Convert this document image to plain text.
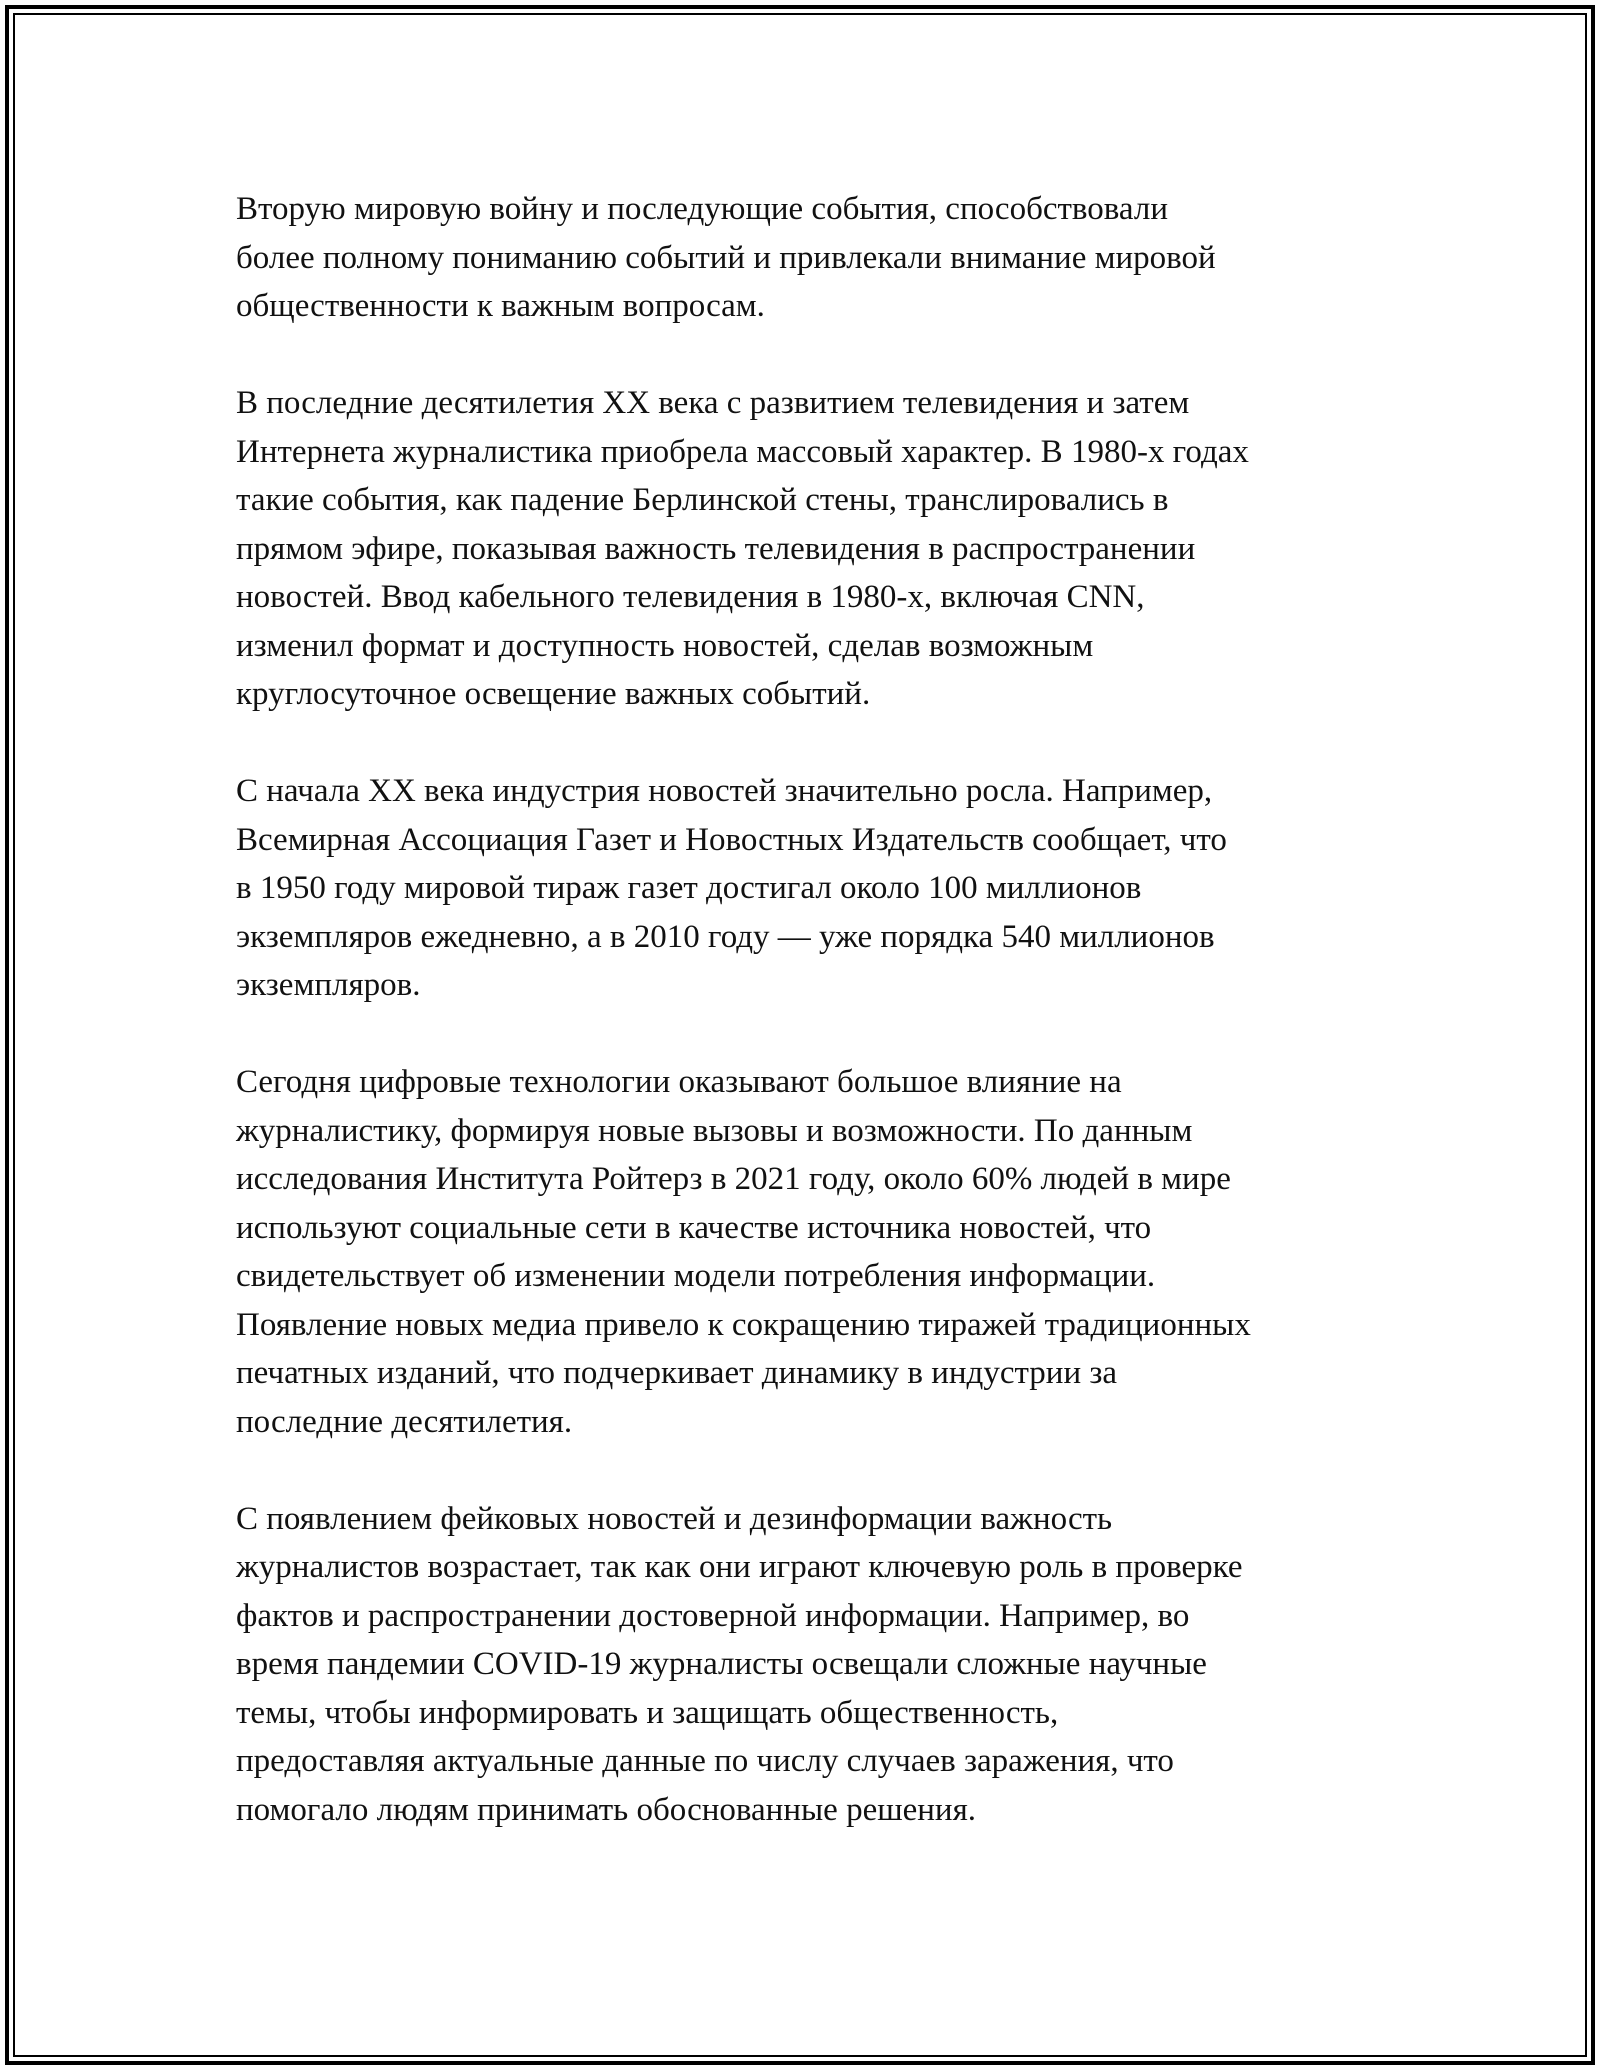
Вторую мировую войну и последующие события, способствовали
более полному пониманию событий и привлекали внимание мировой
общественности к важным вопросам.

В последние десятилетия XX века с развитием телевидения и затем
Интернета журналистика приобрела массовый характер. В 1980-х годах
такие события, как падение Берлинской стены, транслировались в
прямом эфире, показывая важность телевидения в распространении
новостей. Ввод кабельного телевидения в 1980-х, включая CNN,
изменил формат и доступность новостей, сделав возможным
круглосуточное освещение важных событий.

С начала XX века индустрия новостей значительно росла. Например,
Всемирная Ассоциация Газет и Новостных Издательств сообщает, что
в 1950 году мировой тираж газет достигал около 100 миллионов
экземпляров ежедневно, а в 2010 году — уже порядка 540 миллионов
экземпляров.

Сегодня цифровые технологии оказывают большое влияние на
журналистику, формируя новые вызовы и возможности. По данным
исследования Института Ройтерз в 2021 году, около 60% людей в мире
используют социальные сети в качестве источника новостей, что
свидетельствует об изменении модели потребления информации.
Появление новых медиа привело к сокращению тиражей традиционных
печатных изданий, что подчеркивает динамику в индустрии за
последние десятилетия.

С появлением фейковых новостей и дезинформации важность
журналистов возрастает, так как они играют ключевую роль в проверке
фактов и распространении достоверной информации. Например, во
время пандемии COVID-19 журналисты освещали сложные научные
темы, чтобы информировать и защищать общественность,
предоставляя актуальные данные по числу случаев заражения, что
помогало людям принимать обоснованные решения.
